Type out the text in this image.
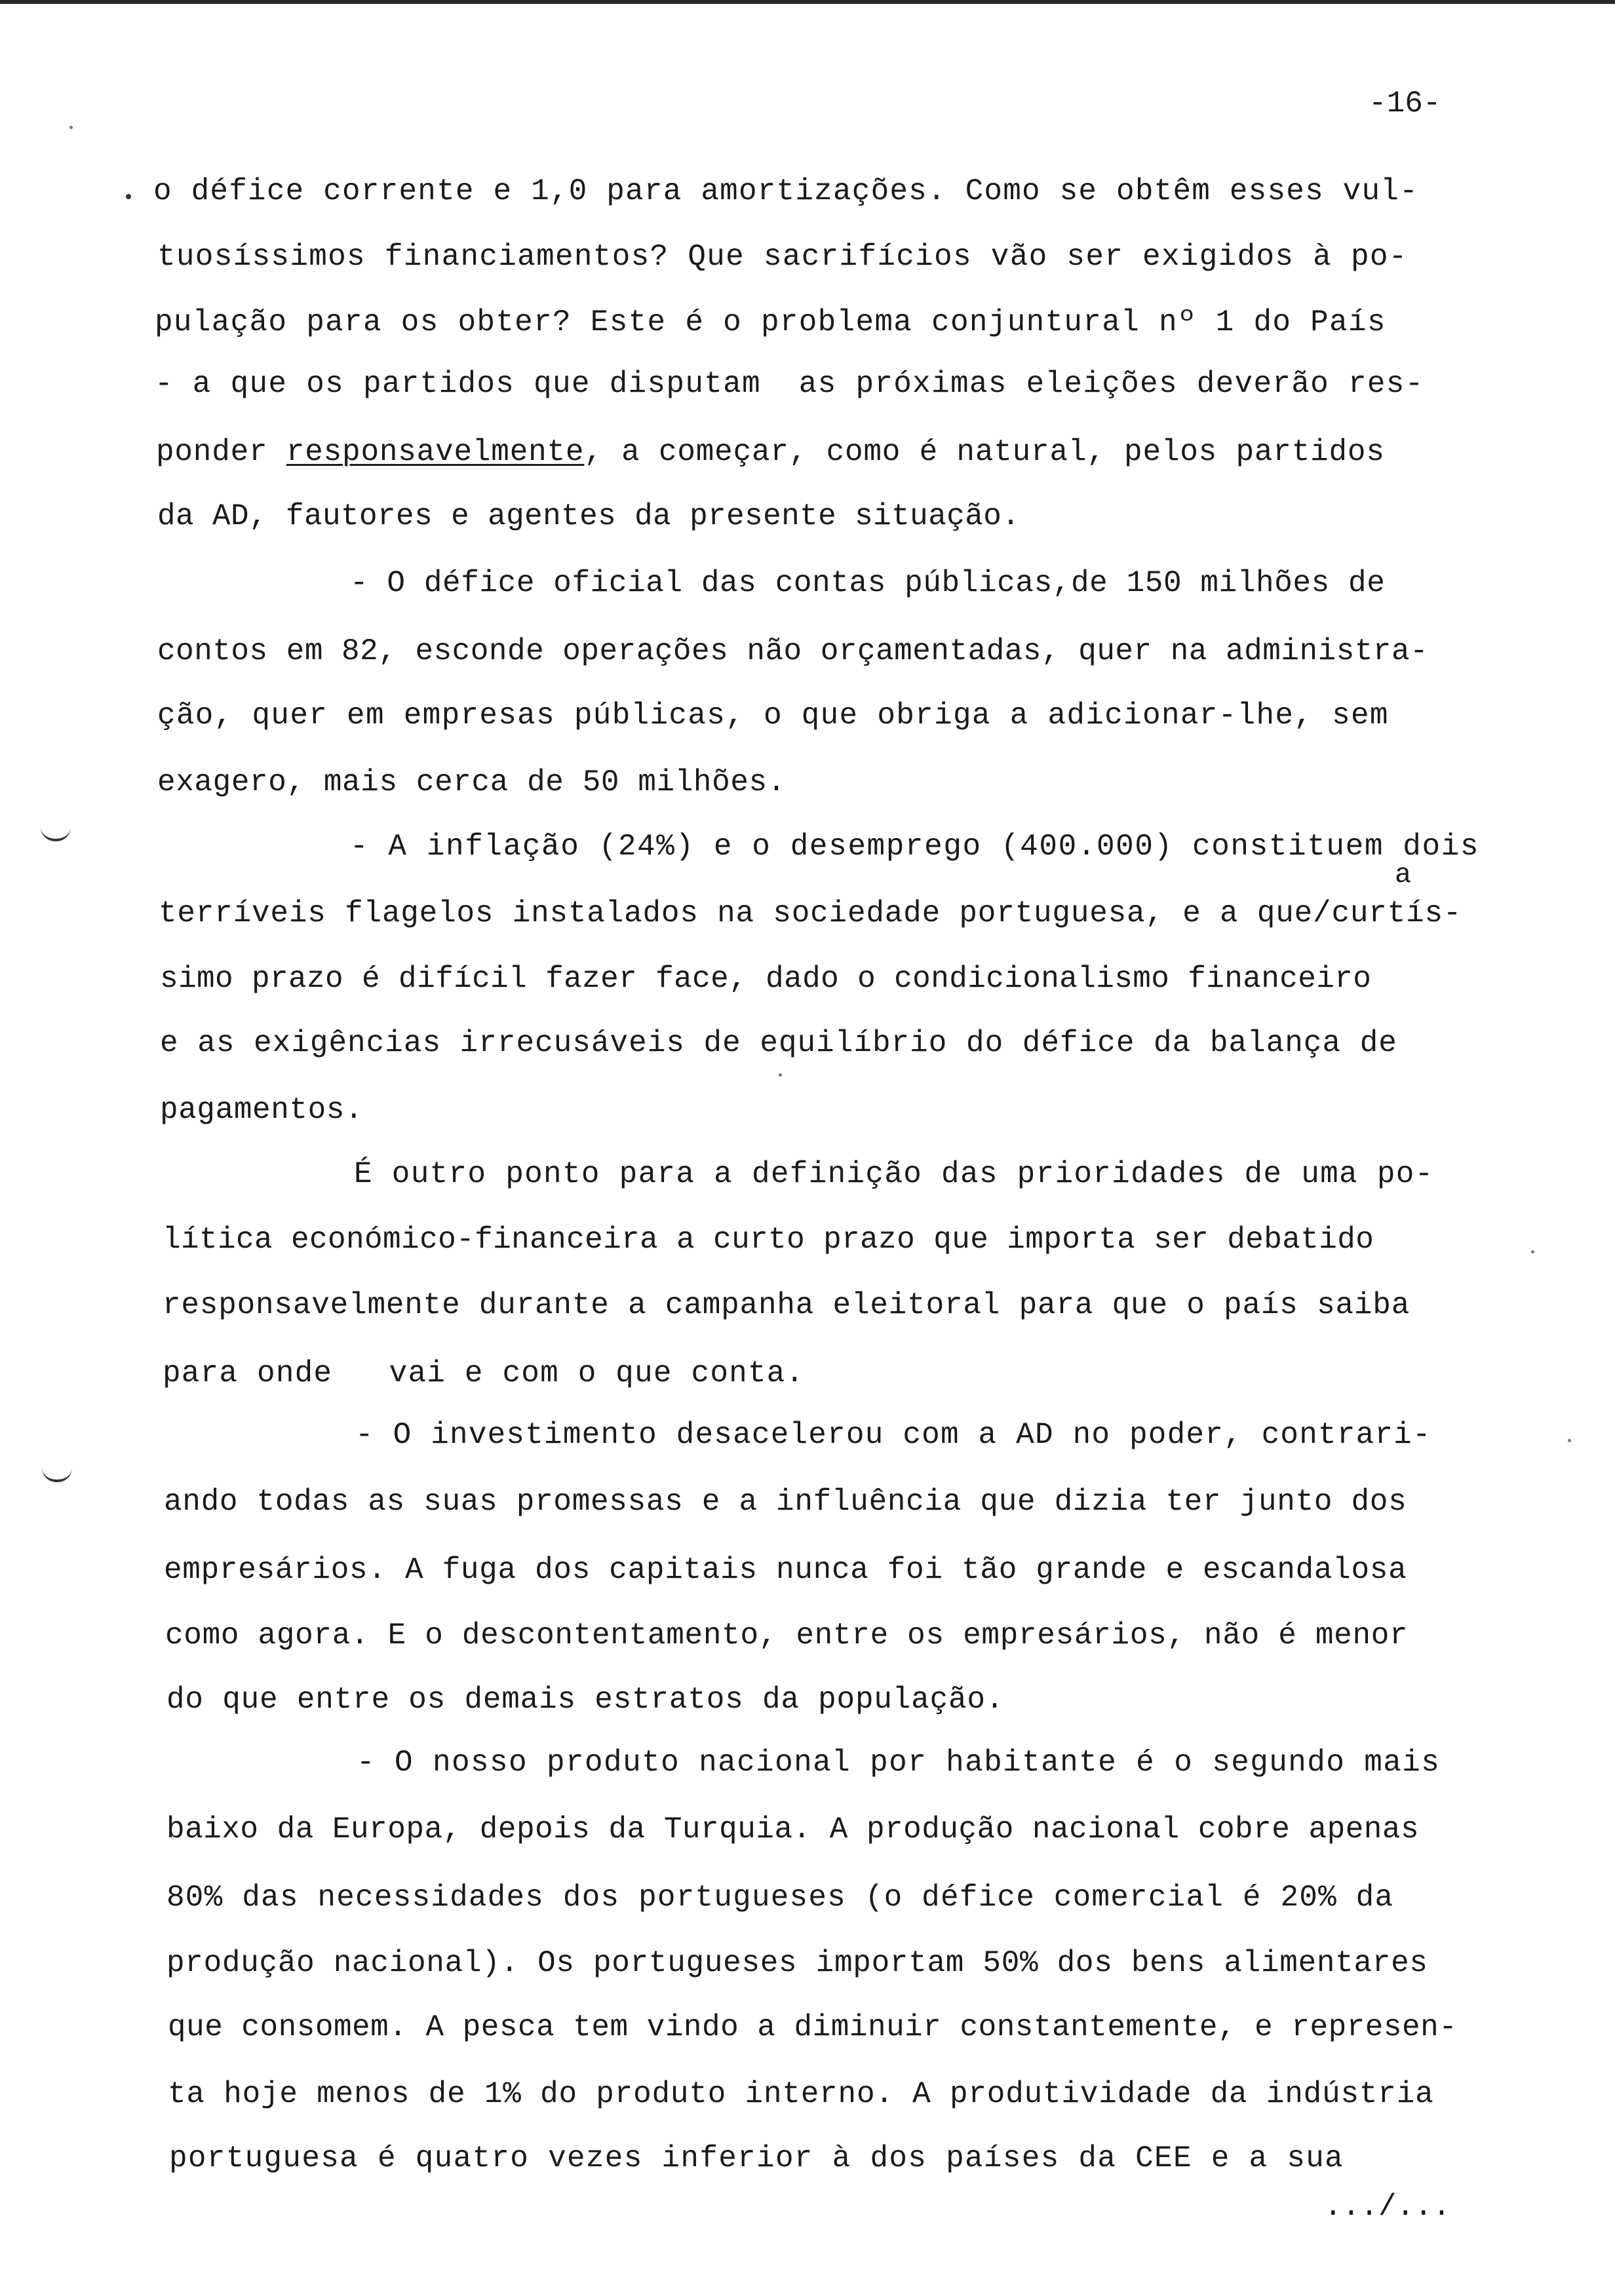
-16-
o défice corrente e 1,0 para amortizações. Como se obtêm esses vul-
tuosíssimos financiamentos? Que sacrifícios vão ser exigidos à po-
pulação para os obter? Este é o problema conjuntural nº 1 do País
- a que os partidos que disputam  as próximas eleições deverão res-
ponder responsavelmente, a começar, como é natural, pelos partidos
da AD, fautores e agentes da presente situação.
- O défice oficial das contas públicas,de 150 milhões de
contos em 82, esconde operações não orçamentadas, quer na administra-
ção, quer em empresas públicas, o que obriga a adicionar-lhe, sem
exagero, mais cerca de 50 milhões.
- A inflação (24%) e o desemprego (400.000) constituem dois
a
terríveis flagelos instalados na sociedade portuguesa, e a que/curtís-
simo prazo é difícil fazer face, dado o condicionalismo financeiro
e as exigências irrecusáveis de equilíbrio do défice da balança de
pagamentos.
É outro ponto para a definição das prioridades de uma po-
lítica económico-financeira a curto prazo que importa ser debatido
responsavelmente durante a campanha eleitoral para que o país saiba
para onde   vai e com o que conta.
- O investimento desacelerou com a AD no poder, contrari-
ando todas as suas promessas e a influência que dizia ter junto dos
empresários. A fuga dos capitais nunca foi tão grande e escandalosa
como agora. E o descontentamento, entre os empresários, não é menor
do que entre os demais estratos da população.
- O nosso produto nacional por habitante é o segundo mais
baixo da Europa, depois da Turquia. A produção nacional cobre apenas
80% das necessidades dos portugueses (o défice comercial é 20% da
produção nacional). Os portugueses importam 50% dos bens alimentares
que consomem. A pesca tem vindo a diminuir constantemente, e represen-
ta hoje menos de 1% do produto interno. A produtividade da indústria
portuguesa é quatro vezes inferior à dos países da CEE e a sua
.../...
